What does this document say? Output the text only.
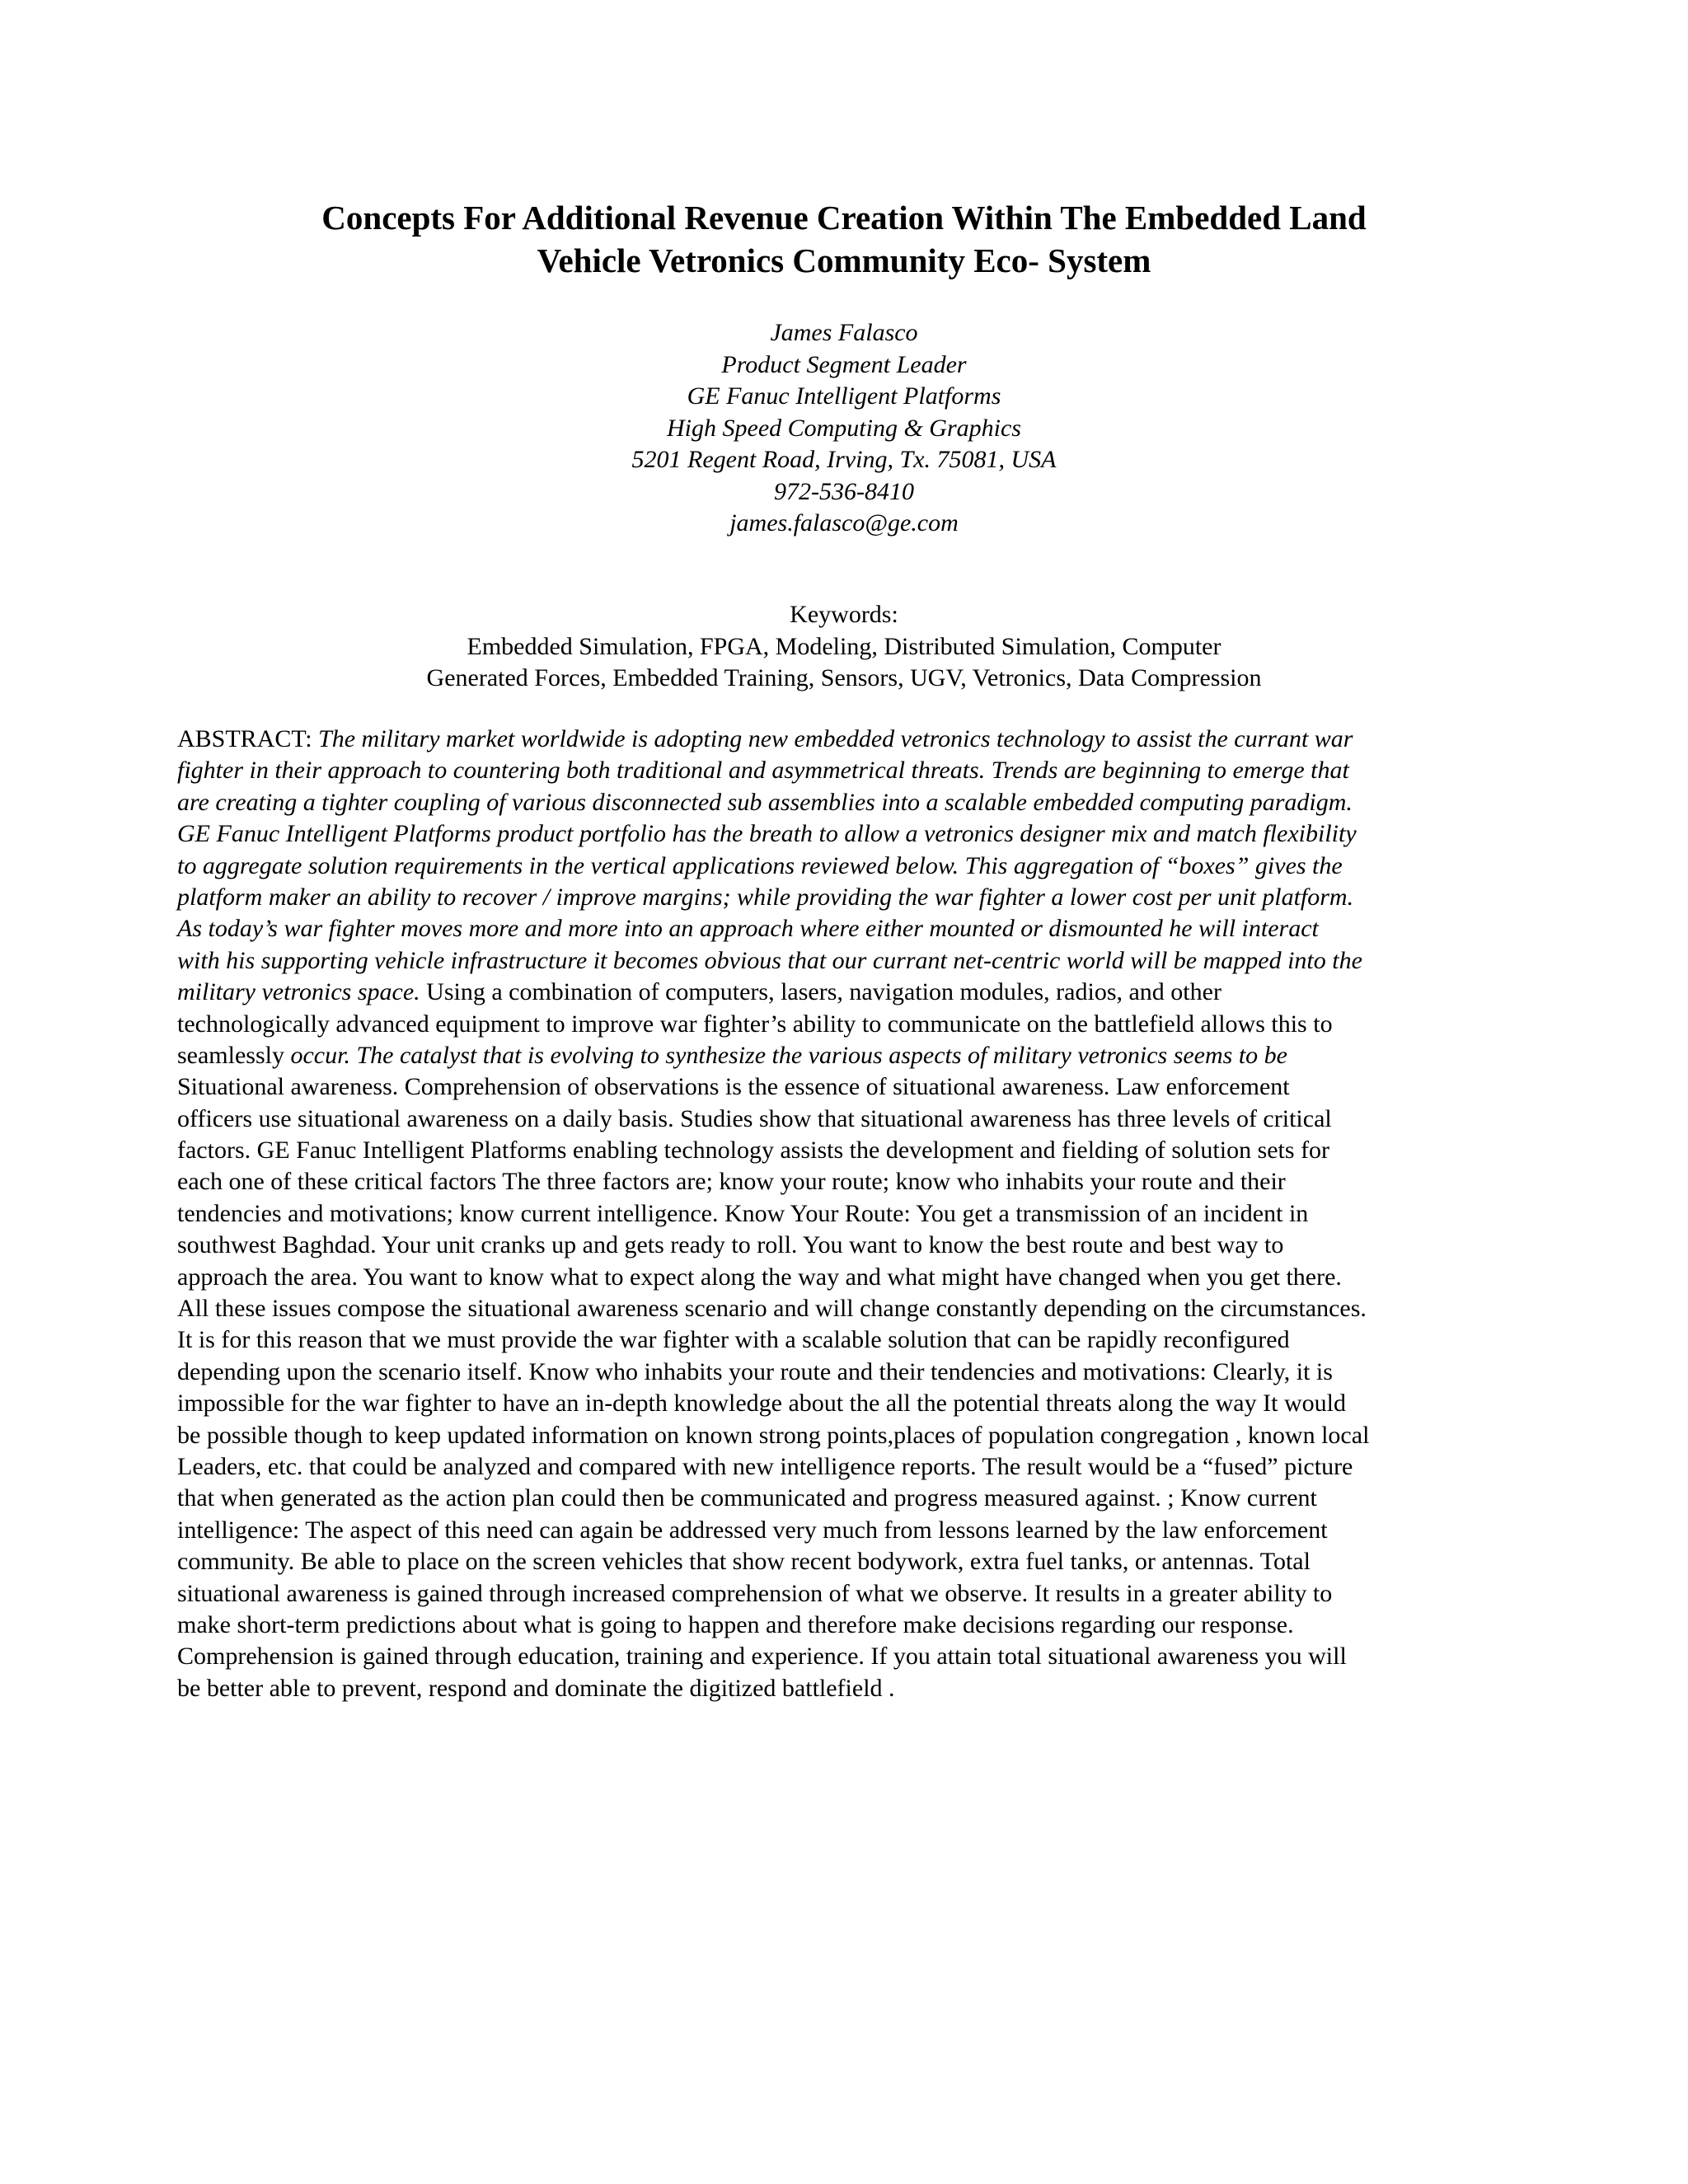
Concepts For Additional Revenue Creation Within The Embedded Land
Vehicle Vetronics Community Eco- System
James Falasco
Product Segment Leader
GE Fanuc Intelligent Platforms
High Speed Computing & Graphics
5201 Regent Road, Irving, Tx. 75081, USA
972-536-8410
james.falasco@ge.com
Keywords:
Embedded Simulation, FPGA, Modeling, Distributed Simulation, Computer
Generated Forces, Embedded Training, Sensors, UGV, Vetronics, Data Compression
ABSTRACT: The military market worldwide is adopting new embedded vetronics technology to assist the currant war
fighter in their approach to countering both traditional and asymmetrical threats. Trends are beginning to emerge that
are creating a tighter coupling of various disconnected sub assemblies into a scalable embedded computing paradigm.
GE Fanuc Intelligent Platforms product portfolio has the breath to allow a vetronics designer mix and match flexibility
to aggregate solution requirements in the vertical applications reviewed below. This aggregation of “boxes” gives the
platform maker an ability to recover / improve margins; while providing the war fighter a lower cost per unit platform.
As today’s war fighter moves more and more into an approach where either mounted or dismounted he will interact
with his supporting vehicle infrastructure it becomes obvious that our currant net-centric world will be mapped into the
military vetronics space. Using a combination of computers, lasers, navigation modules, radios, and other
technologically advanced equipment to improve war fighter’s ability to communicate on the battlefield allows this to
seamlessly occur. The catalyst that is evolving to synthesize the various aspects of military vetronics seems to be
Situational awareness. Comprehension of observations is the essence of situational awareness. Law enforcement
officers use situational awareness on a daily basis. Studies show that situational awareness has three levels of critical
factors. GE Fanuc Intelligent Platforms enabling technology assists the development and fielding of solution sets for
each one of these critical factors The three factors are; know your route; know who inhabits your route and their
tendencies and motivations; know current intelligence. Know Your Route: You get a transmission of an incident in
southwest Baghdad. Your unit cranks up and gets ready to roll. You want to know the best route and best way to
approach the area. You want to know what to expect along the way and what might have changed when you get there.
All these issues compose the situational awareness scenario and will change constantly depending on the circumstances.
It is for this reason that we must provide the war fighter with a scalable solution that can be rapidly reconfigured
depending upon the scenario itself. Know who inhabits your route and their tendencies and motivations: Clearly, it is
impossible for the war fighter to have an in-depth knowledge about the all the potential threats along the way It would
be possible though to keep updated information on known strong points,places of population congregation , known local
Leaders, etc. that could be analyzed and compared with new intelligence reports. The result would be a “fused” picture
that when generated as the action plan could then be communicated and progress measured against. ; Know current
intelligence: The aspect of this need can again be addressed very much from lessons learned by the law enforcement
community. Be able to place on the screen vehicles that show recent bodywork, extra fuel tanks, or antennas. Total
situational awareness is gained through increased comprehension of what we observe. It results in a greater ability to
make short-term predictions about what is going to happen and therefore make decisions regarding our response.
Comprehension is gained through education, training and experience. If you attain total situational awareness you will
be better able to prevent, respond and dominate the digitized battlefield .
